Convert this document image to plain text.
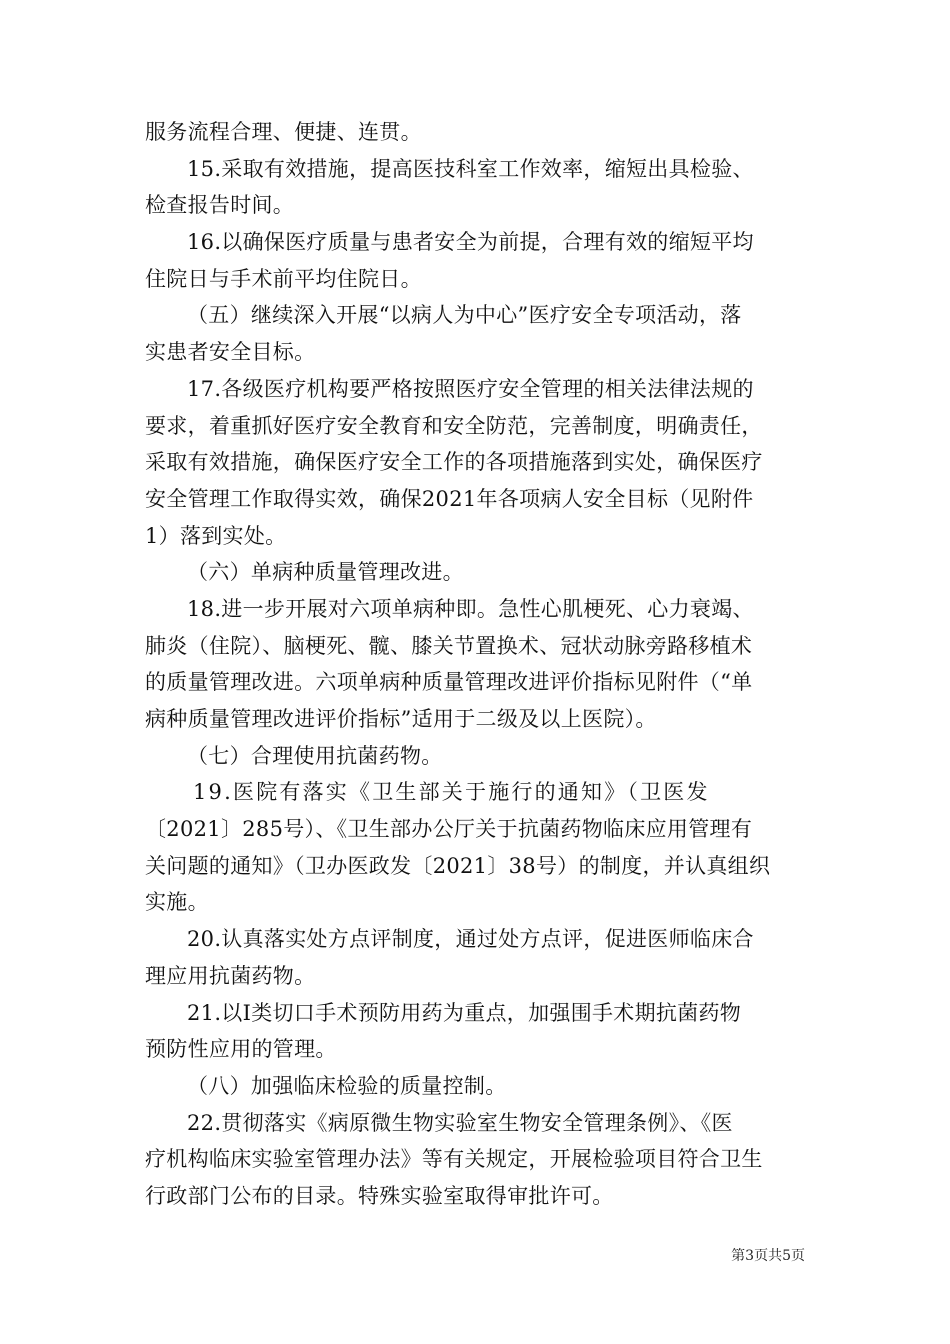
服务流程合理、便捷、连贯。
15.采取有效措施，提高医技科室工作效率，缩短出具检验、
检查报告时间。
16.以确保医疗质量与患者安全为前提，合理有效的缩短平均
住院日与手术前平均住院日。
（五）继续深入开展“以病人为中心”医疗安全专项活动，落
实患者安全目标。
17.各级医疗机构要严格按照医疗安全管理的相关法律法规的
要求，着重抓好医疗安全教育和安全防范，完善制度，明确责任，
采取有效措施，确保医疗安全工作的各项措施落到实处，确保医疗
安全管理工作取得实效，确保2021年各项病人安全目标（见附件
1）落到实处。
（六）单病种质量管理改进。
18.进一步开展对六项单病种即。急性心肌梗死、心力衰竭、
肺炎（住院）、脑梗死、髋、膝关节置换术、冠状动脉旁路移植术
的质量管理改进。六项单病种质量管理改进评价指标见附件（“单
病种质量管理改进评价指标”适用于二级及以上医院）。
（七）合理使用抗菌药物。
19.医院有落实《卫生部关于施行的通知》（卫医发
〔2021〕285号）、《卫生部办公厅关于抗菌药物临床应用管理有
关问题的通知》（卫办医政发〔2021〕38号）的制度，并认真组织
实施。
20.认真落实处方点评制度，通过处方点评，促进医师临床合
理应用抗菌药物。
21.以Ⅰ类切口手术预防用药为重点，加强围手术期抗菌药物
预防性应用的管理。
（八）加强临床检验的质量控制。
22.贯彻落实《病原微生物实验室生物安全管理条例》、《医
疗机构临床实验室管理办法》等有关规定，开展检验项目符合卫生
行政部门公布的目录。特殊实验室取得审批许可。
第3页共5页
